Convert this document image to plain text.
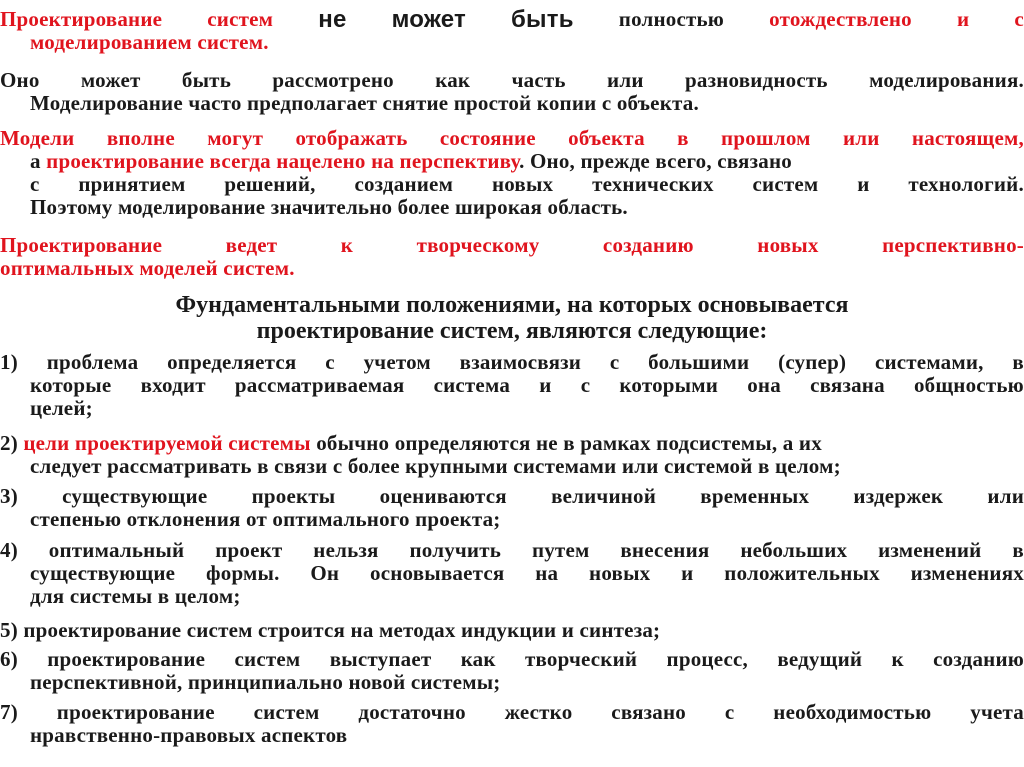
Проектирование систем не может быть полностью отождествлено и с
моделированием систем.
Оно может быть рассмотрено как часть или разновидность моделирования.
Моделирование часто предполагает снятие простой копии с объекта.
Модели вполне могут отображать состояние объекта в прошлом или настоящем,
а проектирование всегда нацелено на перспективу. Оно, прежде всего, связано
с принятием решений, созданием новых технических систем и технологий.
Поэтому моделирование значительно более широкая область.
Проектирование	ведет	к	творческому	созданию	новых	перспективно-
оптимальных моделей систем.
Фундаментальными положениями, на которых основывается
проектирование систем, являются следующие:
1) проблема определяется с учетом взаимосвязи с большими (супер) системами, в
которые входит рассматриваемая система и с которыми она связана общностью
целей;
2) цели проектируемой системы обычно определяются не в рамках подсистемы, а их
следует рассматривать в связи с более крупными системами или системой в целом;
3) существующие проекты оцениваются величиной временных издержек или
степенью отклонения от оптимального проекта;
4) оптимальный проект нельзя получить путем внесения небольших изменений в
существующие формы. Он основывается на новых и положительных изменениях
для системы в целом;
5) проектирование систем строится на методах индукции и синтеза;
6) проектирование систем выступает как творческий процесс, ведущий к созданию
перспективной, принципиально новой системы;
7) проектирование систем достаточно жестко связано с необходимостью учета
нравственно-правовых аспектов
